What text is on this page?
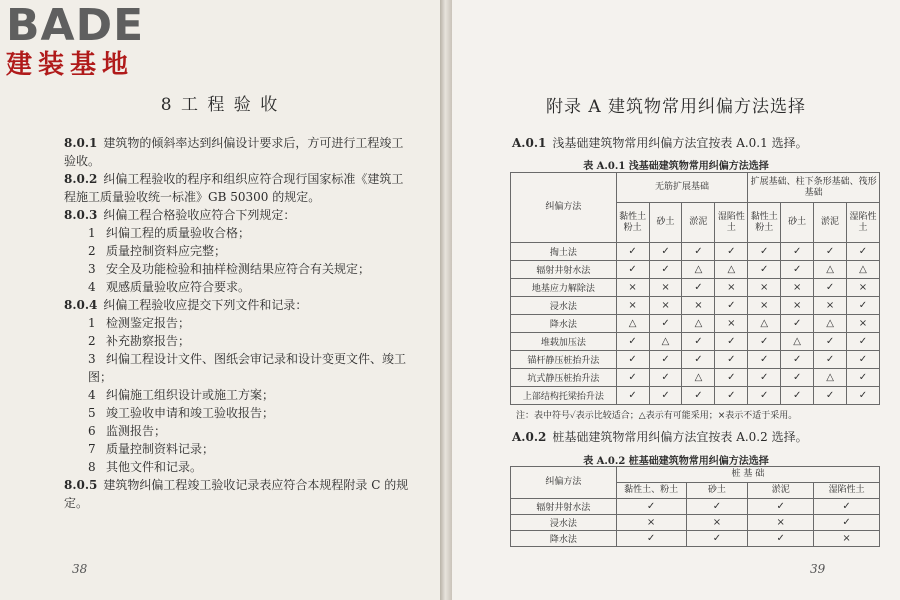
BADE
建装基地
8 工 程 验 收
8.0.1 建筑物的倾斜率达到纠偏设计要求后，方可进行工程竣工验收。
8.0.2 纠偏工程验收的程序和组织应符合现行国家标准《建筑工程施工质量验收统一标准》GB 50300 的规定。
8.0.3 纠偏工程合格验收应符合下列规定：
1 纠偏工程的质量验收合格；
2 质量控制资料应完整；
3 安全及功能检验和抽样检测结果应符合有关规定；
4 观感质量验收应符合要求。
8.0.4 纠偏工程验收应提交下列文件和记录：
1 检测鉴定报告；
2 补充勘察报告；
3 纠偏工程设计文件、图纸会审记录和设计变更文件、竣工图；
4 纠偏施工组织设计或施工方案；
5 竣工验收申请和竣工验收报告；
6 监测报告；
7 质量控制资料记录；
8 其他文件和记录。
8.0.5 建筑物纠偏工程竣工验收记录表应符合本规程附录 C 的规定。
38
附录 A 建筑物常用纠偏方法选择
A.0.1 浅基础建筑物常用纠偏方法宜按表 A.0.1 选择。
表 A.0.1 浅基础建筑物常用纠偏方法选择
纠偏方法	无筋扩展基础				扩展基础、柱下条形基础、筏形基础			
	黏性土粉土	砂土	淤泥	湿陷性土	黏性土粉土	砂土	淤泥	湿陷性土
掏土法	✓	✓	✓	✓	✓	✓	✓	✓
辐射井射水法	✓	✓	△	△	✓	✓	△	△
地基应力解除法	×	×	✓	×	×	×	✓	×
浸水法	×	×	×	✓	×	×	×	✓
降水法	△	✓	△	×	△	✓	△	×
堆载加压法	✓	△	✓	✓	✓	△	✓	✓
锚杆静压桩抬升法	✓	✓	✓	✓	✓	✓	✓	✓
坑式静压桩抬升法	✓	✓	△	✓	✓	✓	△	✓
上部结构托梁抬升法	✓	✓	✓	✓	✓	✓	✓	✓
注：表中符号✓表示比较适合；△表示有可能采用；×表示不适于采用。
A.0.2 桩基础建筑物常用纠偏方法宜按表 A.0.2 选择。
表 A.0.2 桩基础建筑物常用纠偏方法选择
纠偏方法	桩 基 础			
	黏性土、粉土	砂土	淤泥	湿陷性土
辐射井射水法	✓	✓	✓	✓
浸水法	×	×	×	✓
降水法	✓	✓	✓	×
39
